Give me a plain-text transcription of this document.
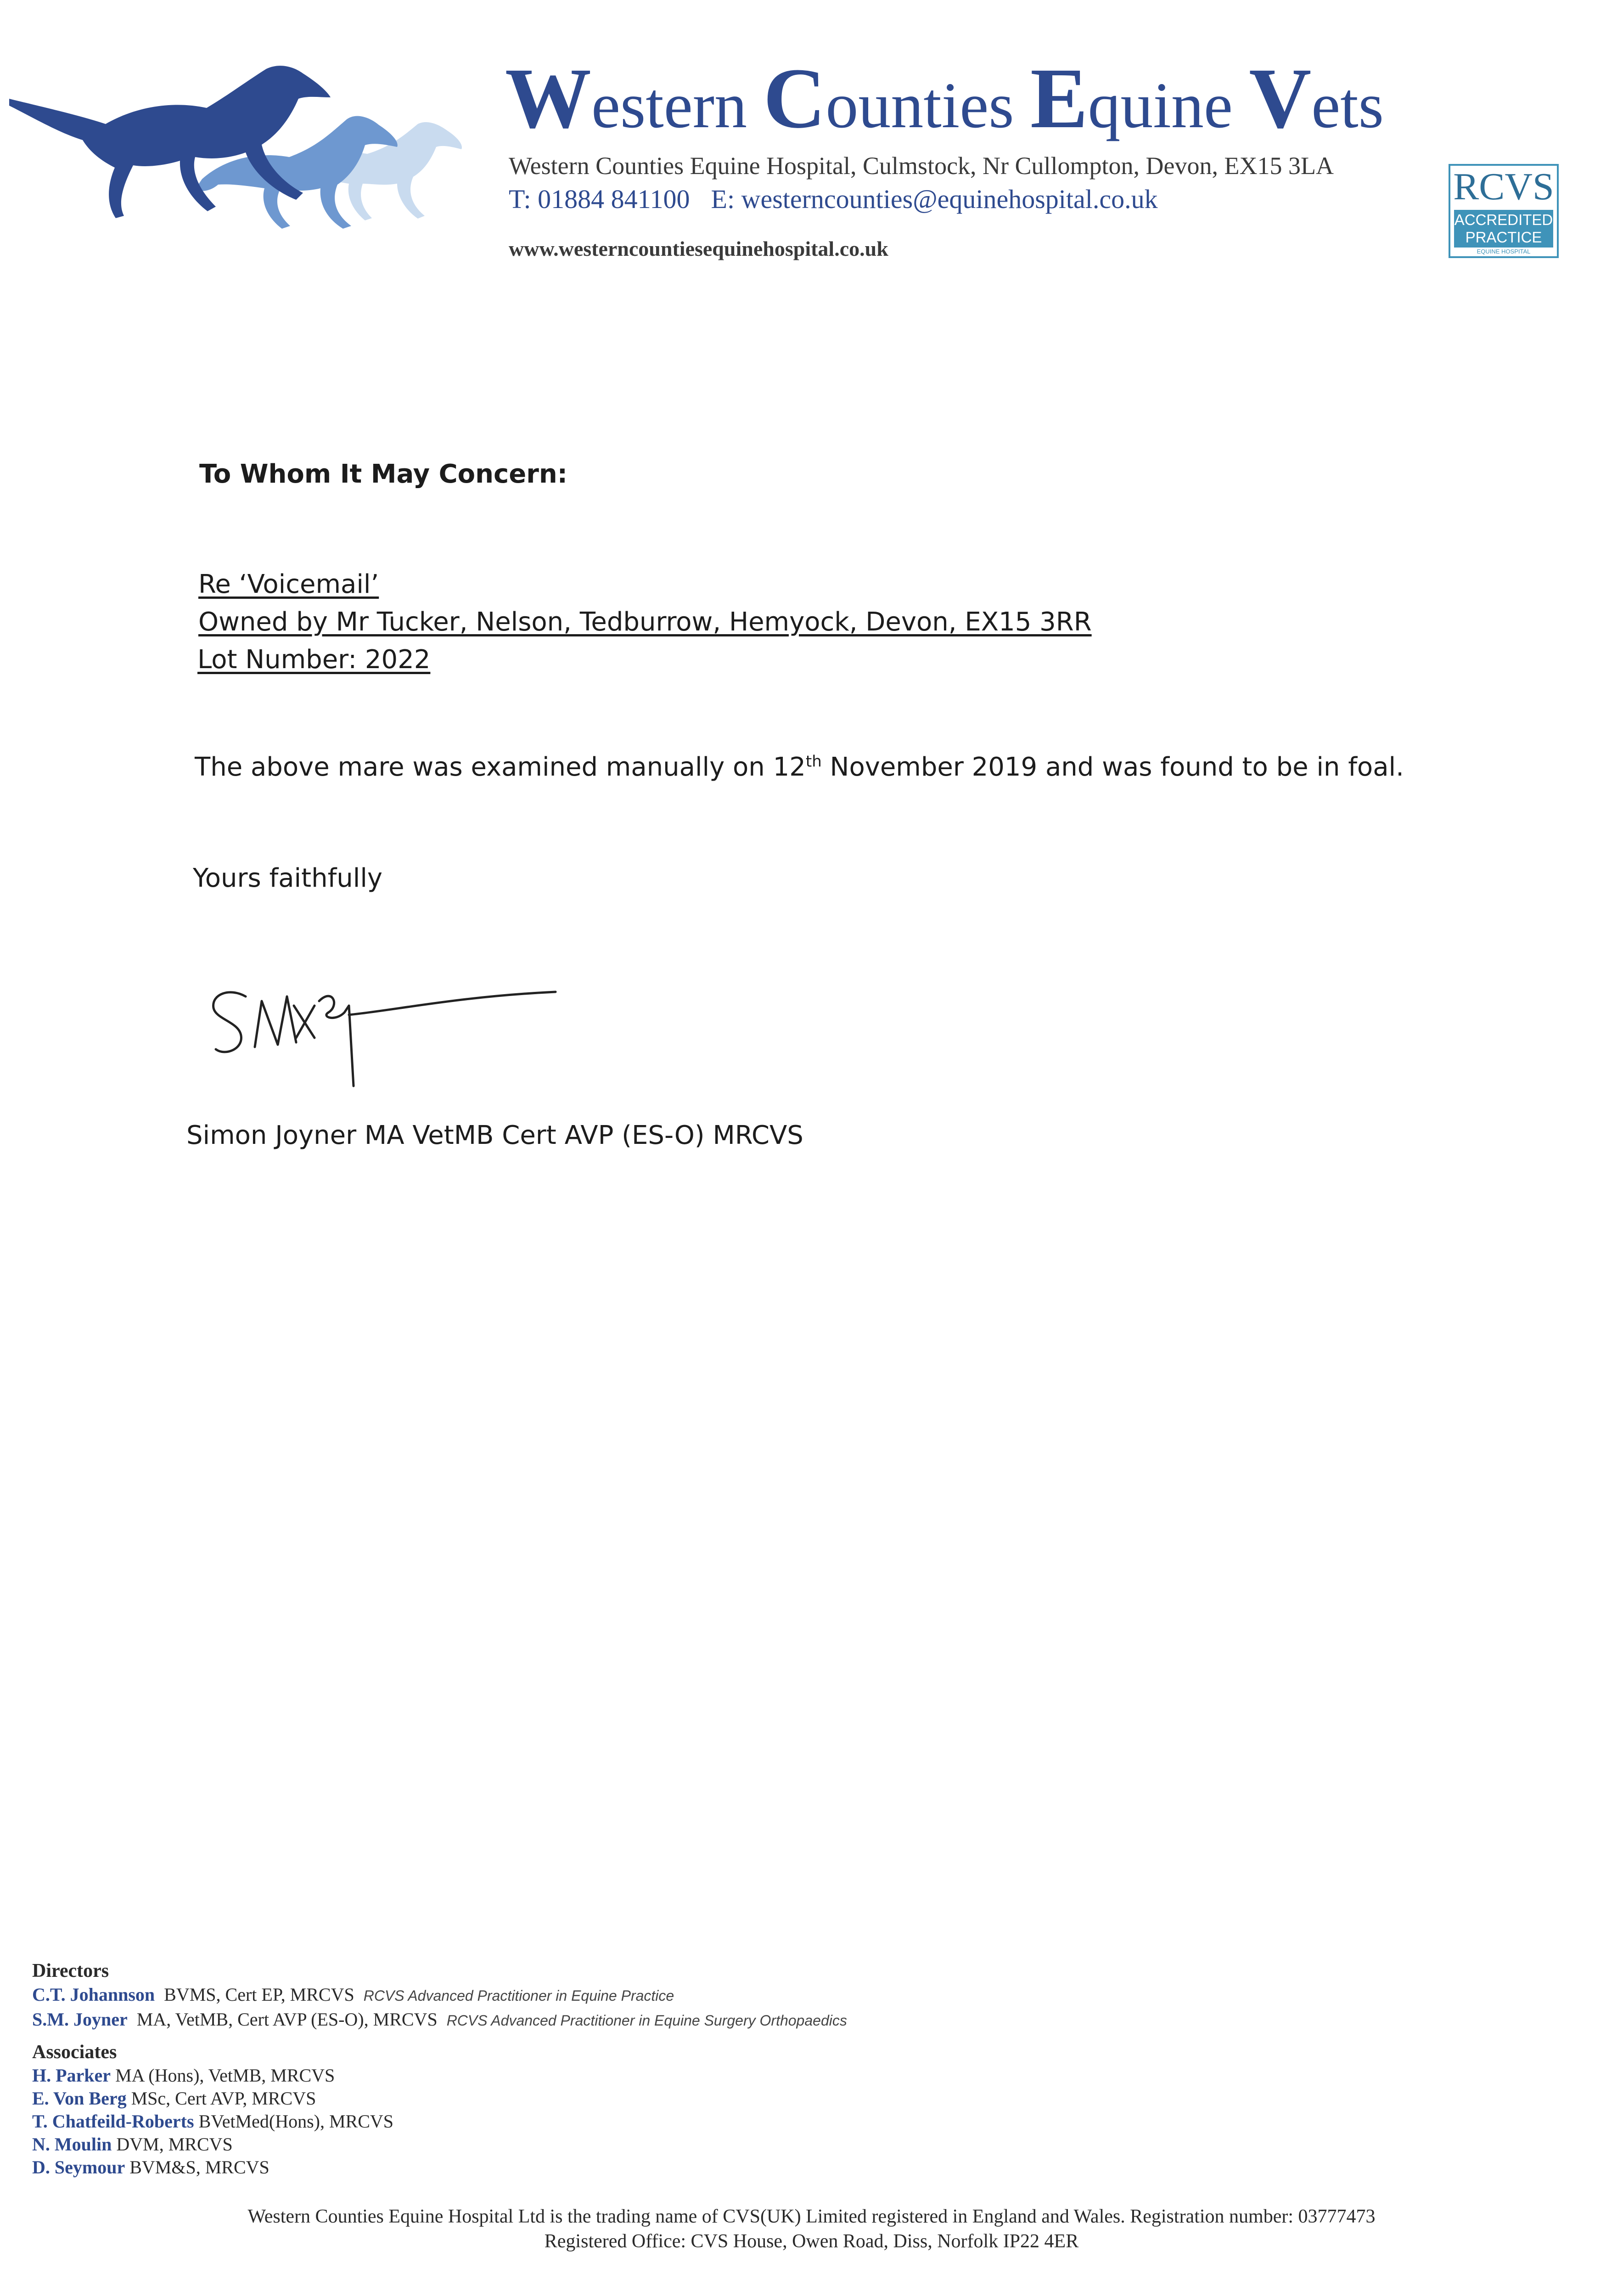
Western Counties Equine Vets
Western Counties Equine Hospital, Culmstock, Nr Cullompton, Devon, EX15 3LA
T: 01884 841100 E: westerncounties@equinehospital.co.uk
www.westerncountiesequinehospital.co.uk
RCVS
ACCREDITED
PRACTICE
EQUINE HOSPITAL
To Whom It May Concern:
Re ‘Voicemail’
Owned by Mr Tucker, Nelson, Tedburrow, Hemyock, Devon, EX15 3RR
Lot Number: 2022
The above mare was examined manually on 12th November 2019 and was found to be in foal.
Yours faithfully
Simon Joyner MA VetMB Cert AVP (ES-O) MRCVS
Directors
C.T. Johannson BVMS, Cert EP, MRCVS RCVS Advanced Practitioner in Equine Practice
S.M. Joyner MA, VetMB, Cert AVP (ES-O), MRCVS RCVS Advanced Practitioner in Equine Surgery Orthopaedics
Associates
H. Parker MA (Hons), VetMB, MRCVS
E. Von Berg MSc, Cert AVP, MRCVS
T. Chatfeild-Roberts BVetMed(Hons), MRCVS
N. Moulin DVM, MRCVS
D. Seymour BVM&S, MRCVS
Western Counties Equine Hospital Ltd is the trading name of CVS(UK) Limited registered in England and Wales. Registration number: 03777473
Registered Office: CVS House, Owen Road, Diss, Norfolk IP22 4ER
